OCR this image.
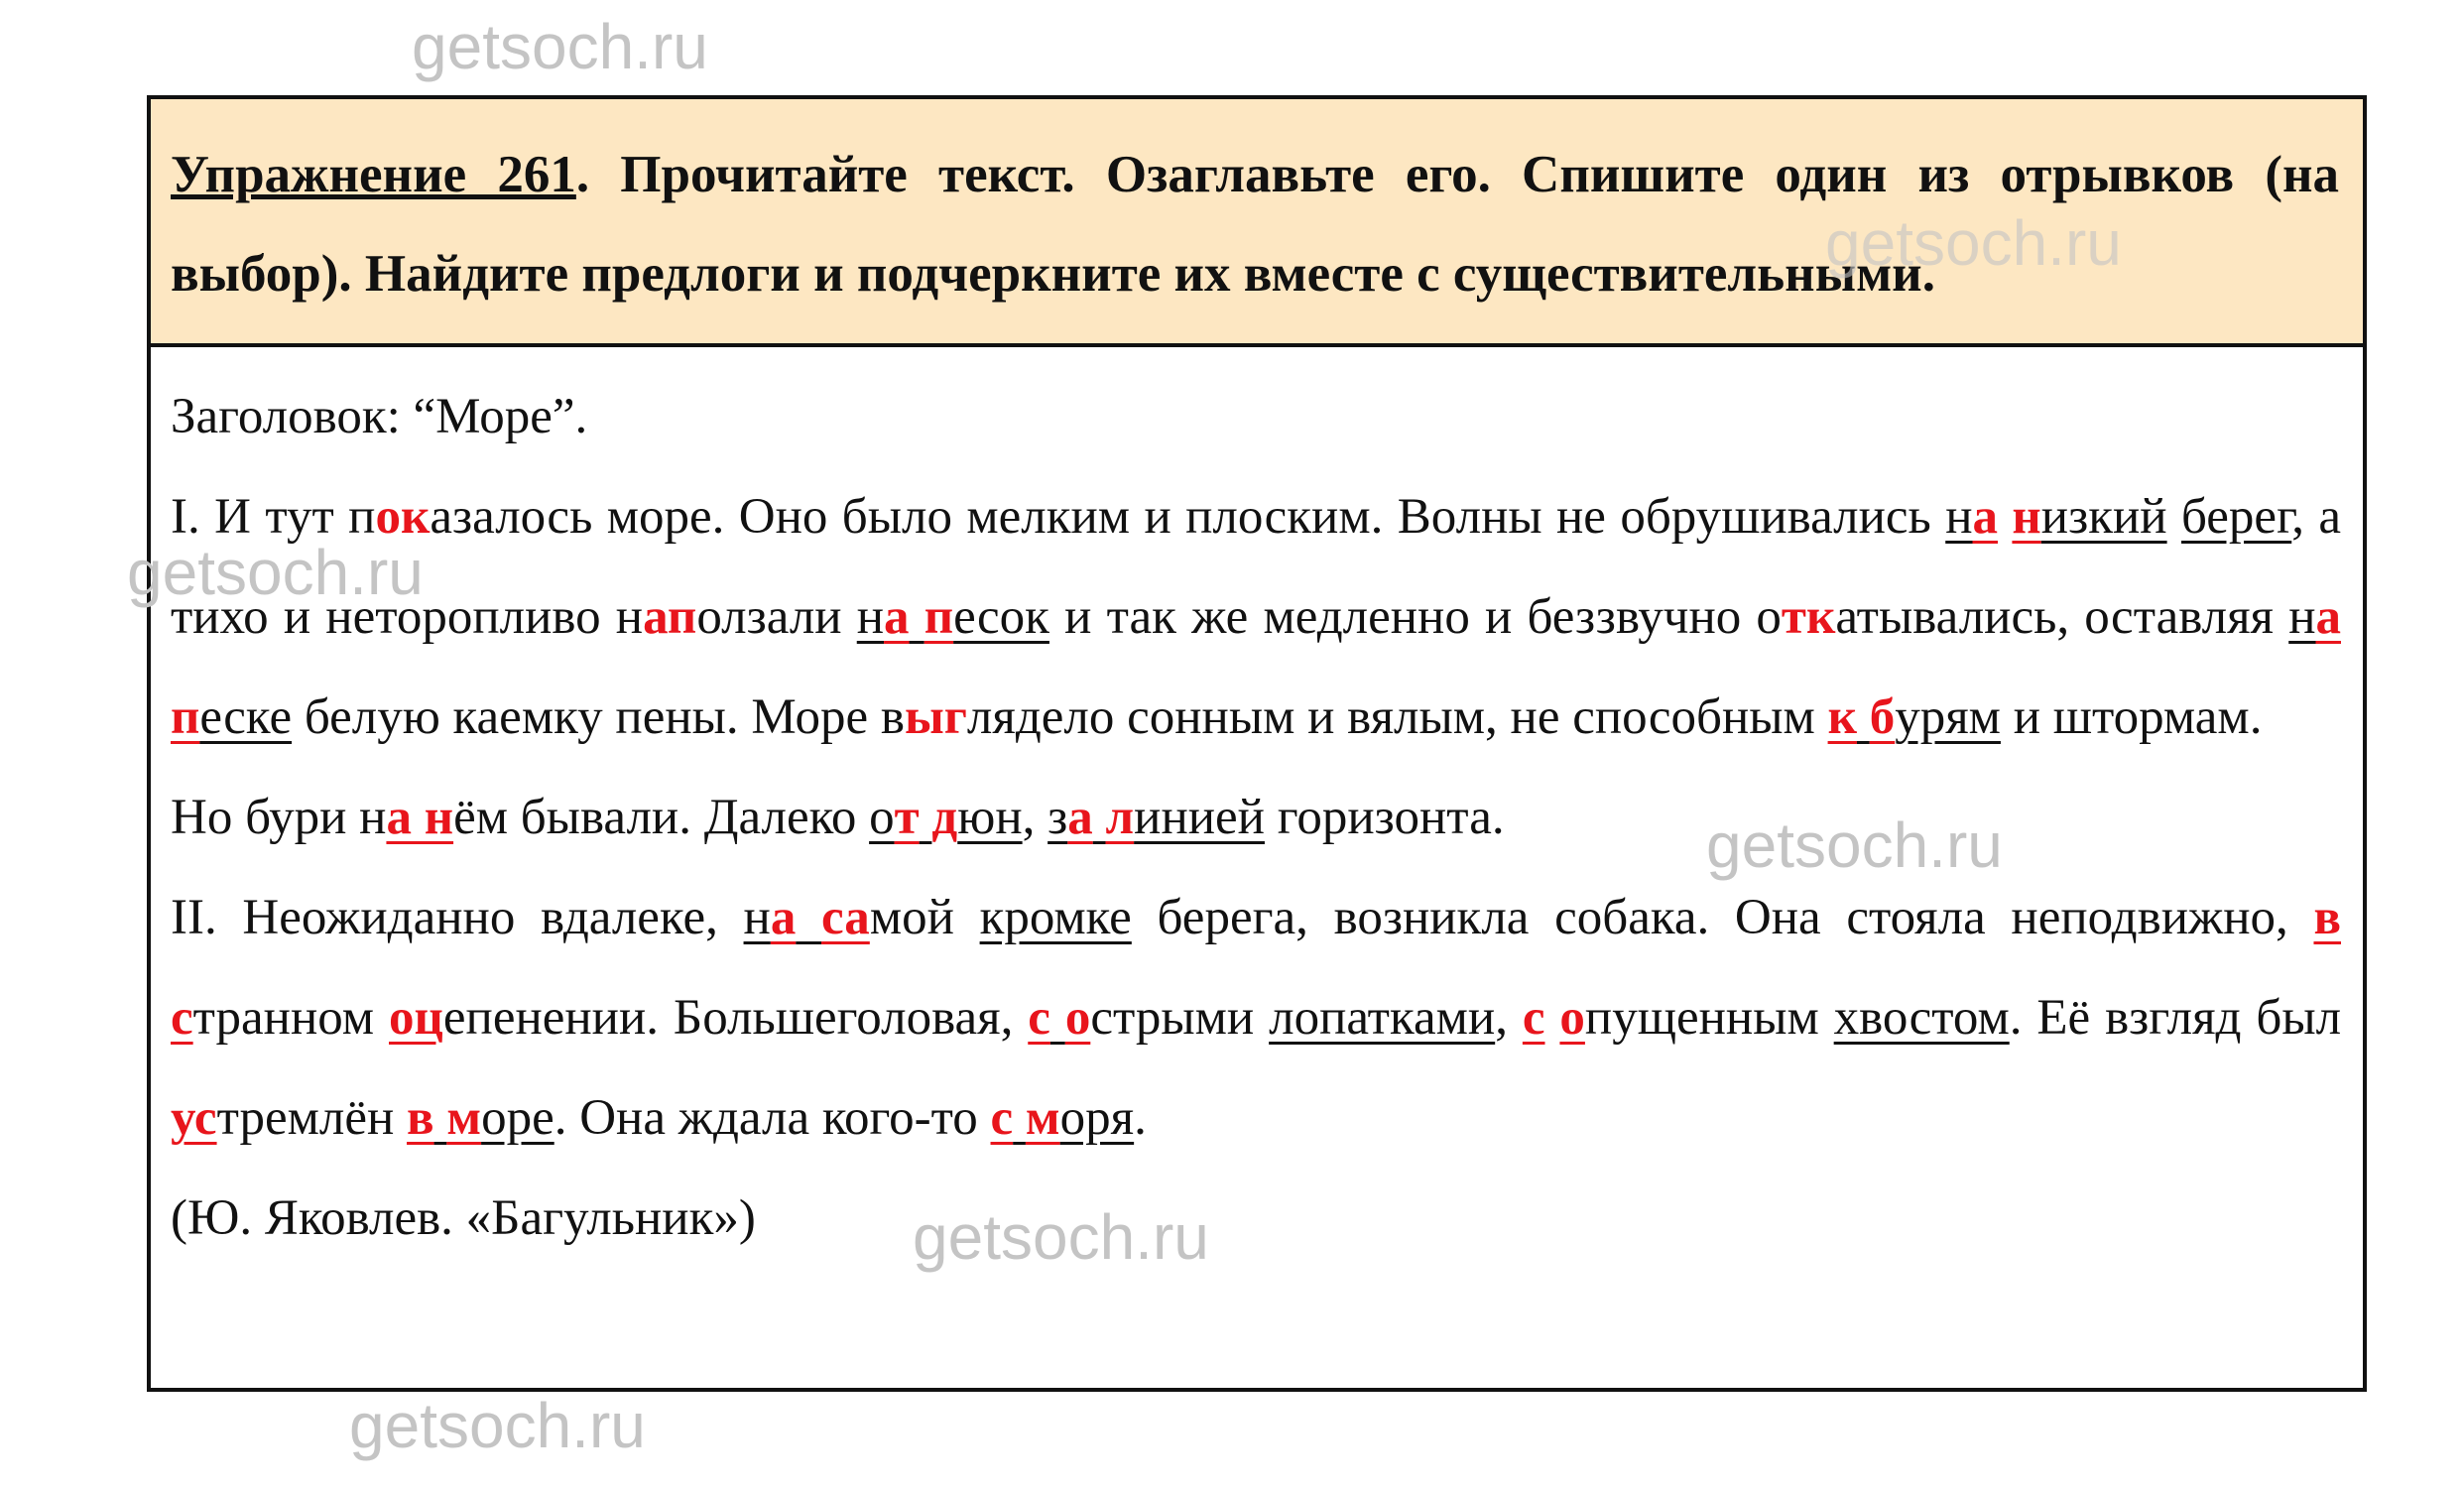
getsoch.ru
Упражнение 261. Прочитайте текст. Озаглавьте его. Спишите один из отрывков (на выбор). Найдите предлоги и подчеркните их вместе с существительными.

Заголовок: “Море”.

I. И тут показалось море. Оно было мелким и плоским. Волны не обрушивались на низкий берег, а тихо и неторопливо наползали на песок и так же медленно и беззвучно откатывались, оставляя на песке белую каемку пены. Море выглядело сонным и вялым, не способным к бурям и штормам.

Но бури на нём бывали. Далеко от дюн, за линией горизонта.

II. Неожиданно вдалеке, на самой кромке берега, возникла собака. Она стояла неподвижно, в странном оцепенении. Большеголовая, с острыми лопатками, с опущенным хвостом. Её взгляд был устремлён в море. Она ждала кого-то с моря.

(Ю. Яковлев. «Багульник»)

getsoch.ru
getsoch.ru
getsoch.ru
getsoch.ru
getsoch.ru
